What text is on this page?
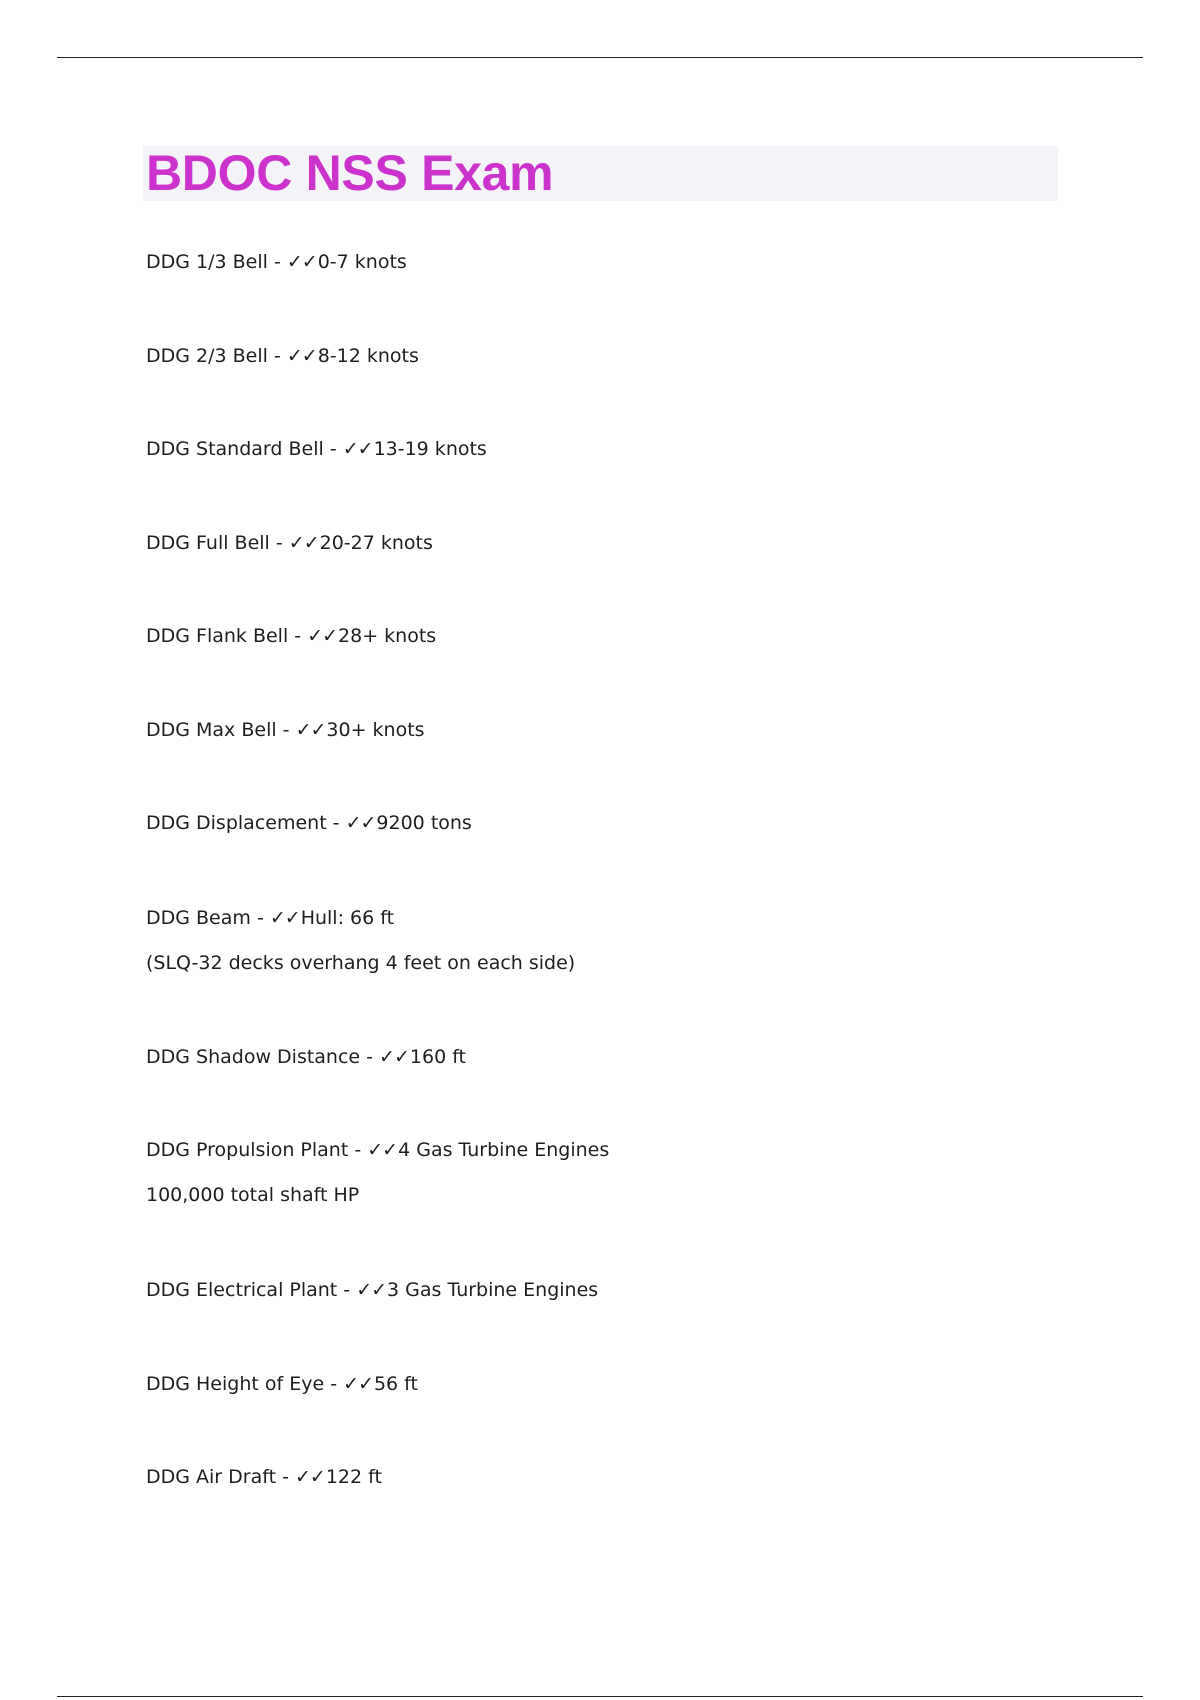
BDOC NSS Exam
DDG 1/3 Bell - ✓✓0-7 knots
DDG 2/3 Bell - ✓✓8-12 knots
DDG Standard Bell - ✓✓13-19 knots
DDG Full Bell - ✓✓20-27 knots
DDG Flank Bell - ✓✓28+ knots
DDG Max Bell - ✓✓30+ knots
DDG Displacement - ✓✓9200 tons
DDG Beam - ✓✓Hull: 66 ft
(SLQ-32 decks overhang 4 feet on each side)
DDG Shadow Distance - ✓✓160 ft
DDG Propulsion Plant - ✓✓4 Gas Turbine Engines
100,000 total shaft HP
DDG Electrical Plant - ✓✓3 Gas Turbine Engines
DDG Height of Eye - ✓✓56 ft
DDG Air Draft - ✓✓122 ft
